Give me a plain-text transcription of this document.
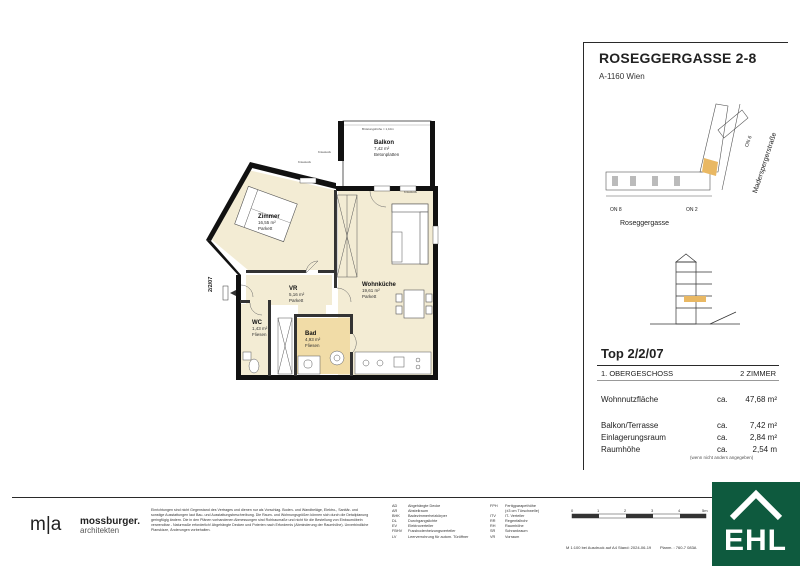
2/2/07
Brüstungshöhe ≈ 1,10m
Kniestock
Kniestock
Kniestock
Balkon
7,42 m²
Betonplatten
Zimmer
16,55 m²
Parkett
VR
5,16 m²
Parkett
Wohnküche
19,61 m²
Parkett
WC
1,43 m²
Fliesen	Bad
4,93 m²
Fliesen
ROSEGGERGASSE 2-8
A-1160 Wien
ON 8	ON 2
ON 6
Roseggergasse
Maderspergerstraße
Top 2/2/07
1. OBERGESCHOSS	2 ZIMMER
Wohnnutzfläche	ca.	47,68 m²
Balkon/Terrasse	ca.	7,42 m²
Einlagerungsraum	ca.	2,84 m²
Raumhöhe	ca.	2,54 m
(wenn nicht anders angegeben)
m|a mossburger.
architekten
Einrichtungen sind nicht Gegenstand des Vertrages und dienen nur als Vorschlag. Boden- und Wandbeläge, Elektro-, Sanitär- und sonstige Ausstattungen laut Bau- und Ausstattungsbeschreibung. Die Raum- und Wohnungsgrößen können sich durch die Detailplanung geringfügig ändern. Die in den Plänen vorhandenen Abmessungen sind Rohbaumaße und nicht für die Bestellung von Einbaumöbeln verwendbar - Naturmaße erforderlich! Abgehängte Decken und Poterien nach Erfordernis (Abminderung der Raumhöhe). Unverbindliche Planskizze, Änderungen vorbehalten.
AD	Abgehängte Decke
AR	Abstellraum
BHK Badezimmerheizkörper
DL	Durchgangslichte
EV	Elektroverteiler
FBHV Fussbodenheizungsverteiler
LV	Leerverrohrung für autom. Türöffner
FPH Fertigparapethöhe
(±3 cm Türschwelle)
ITV IT- Verteiler
RR	Regenfallrohr
RH	Raumhöhe
SR	Schrankraum
VR	Vorraum
0	1	2	3	4	5m
M 1:100 bei Ausdruck auf A4 Stand: 2024-06-19 Planm. : 760-7 083A EHL
